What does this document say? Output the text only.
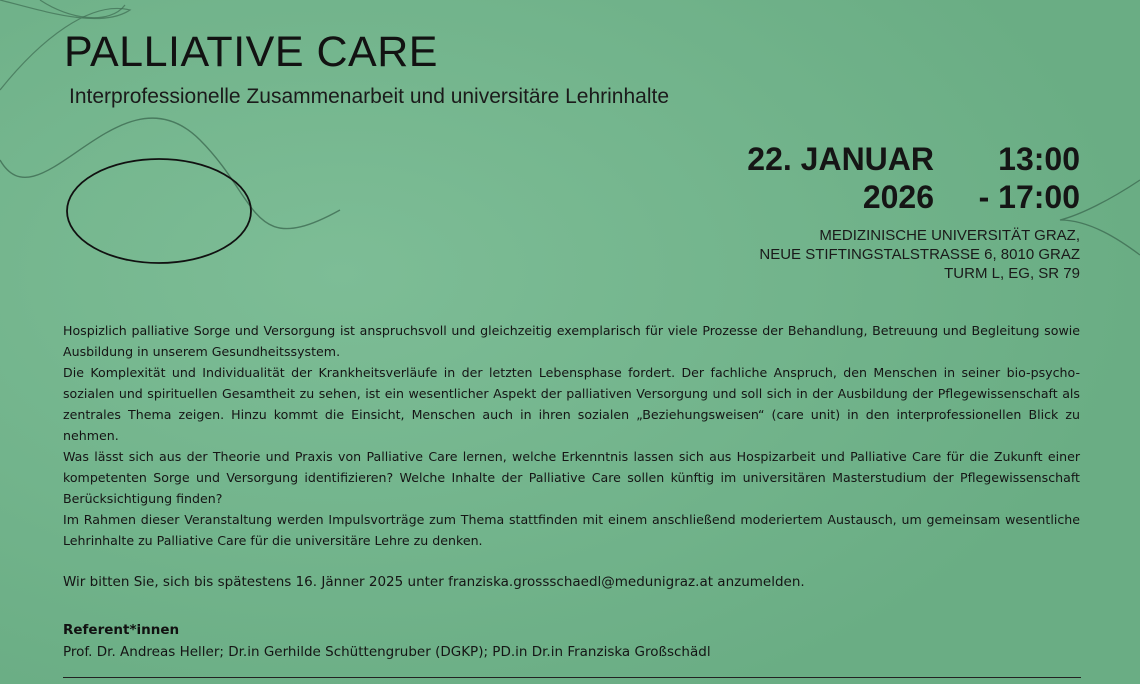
PALLIATIVE CARE
Interprofessionelle Zusammenarbeit und universitäre Lehrinhalte
22. JANUAR	13:00
2026	- 17:00
MEDIZINISCHE UNIVERSITÄT GRAZ,
NEUE STIFTINGSTALSTRASSE 6, 8010 GRAZ
TURM L, EG, SR 79

Hospizlich palliative Sorge und Versorgung ist anspruchsvoll und gleichzeitig exemplarisch für viele Prozesse der Behandlung, Betreuung und Begleitung sowie Ausbildung in unserem Gesundheitssystem.

Die Komplexität und Individualität der Krankheitsverläufe in der letzten Lebensphase fordert. Der fachliche Anspruch, den Menschen in seiner bio-psycho-sozialen und spirituellen Gesamtheit zu sehen, ist ein wesentlicher Aspekt der palliativen Versorgung und soll sich in der Ausbildung der Pflegewissenschaft als zentrales Thema zeigen. Hinzu kommt die Einsicht, Menschen auch in ihren sozialen „Beziehungsweisen“ (care unit) in den interprofessionellen Blick zu nehmen.

Was lässt sich aus der Theorie und Praxis von Palliative Care lernen, welche Erkenntnis lassen sich aus Hospizarbeit und Palliative Care für die Zukunft einer kompetenten Sorge und Versorgung identifizieren? Welche Inhalte der Palliative Care sollen künftig im universitären Masterstudium der Pflegewissenschaft Berücksichtigung finden?

Im Rahmen dieser Veranstaltung werden Impulsvorträge zum Thema stattfinden mit einem anschließend moderiertem Austausch, um gemeinsam wesentliche Lehrinhalte zu Palliative Care für die universitäre Lehre zu denken.

Wir bitten Sie, sich bis spätestens 16. Jänner 2025 unter franziska.grossschaedl@medunigraz.at anzumelden.
Referent*innen
Prof. Dr. Andreas Heller; Dr.in Gerhilde Schüttengruber (DGKP); PD.in Dr.in Franziska Großschädl
